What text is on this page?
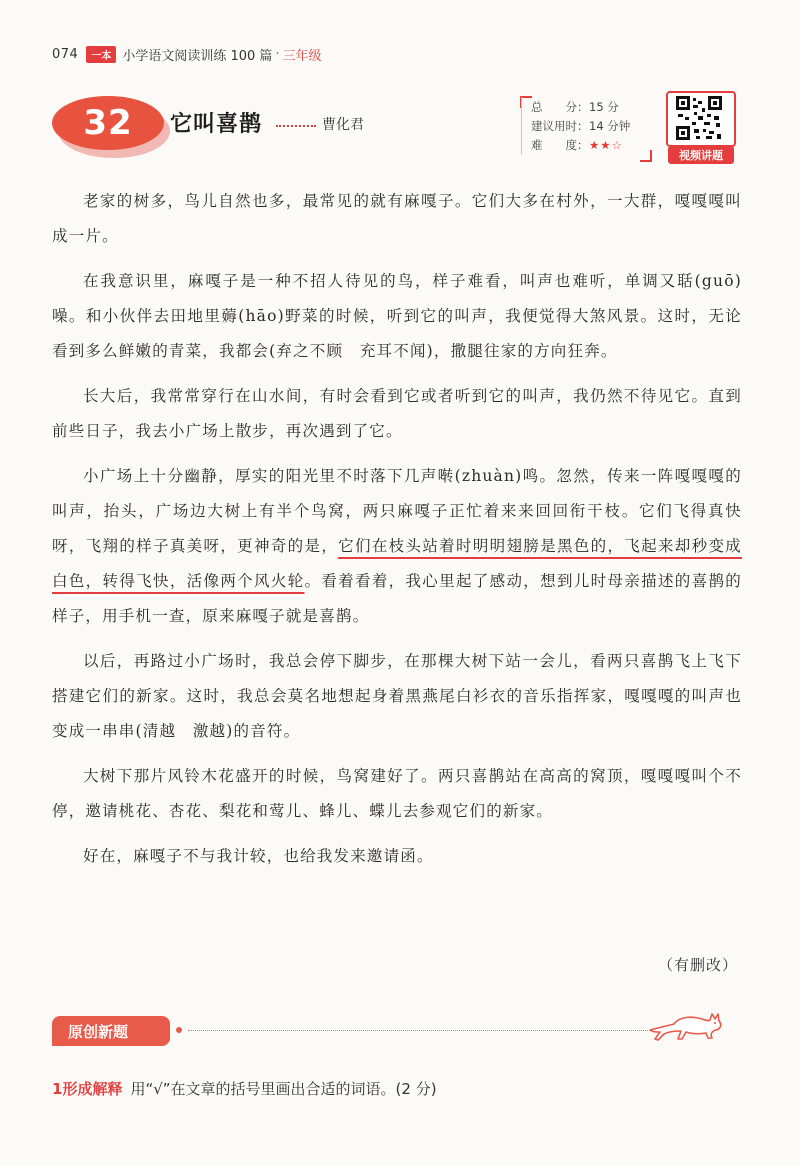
074	一本 小学语文阅读训练 100 篇 · 三年级
32 它叫喜鹊	曹化君
总　　分：15 分
建议用时：14 分钟
难　　度：★★☆
视频讲题

老家的树多，鸟儿自然也多，最常见的就有麻嘎子。它们大多在村外，一大群，嘎嘎嘎叫成一片。

在我意识里，麻嘎子是一种不招人待见的鸟，样子难看，叫声也难听，单调又聒(guō)噪。和小伙伴去田地里薅(hāo)野菜的时候，听到它的叫声，我便觉得大煞风景。这时，无论看到多么鲜嫩的青菜，我都会(弃之不顾　充耳不闻)，撒腿往家的方向狂奔。

长大后，我常常穿行在山水间，有时会看到它或者听到它的叫声，我仍然不待见它。直到前些日子，我去小广场上散步，再次遇到了它。

小广场上十分幽静，厚实的阳光里不时落下几声啭(zhuàn)鸣。忽然，传来一阵嘎嘎嘎的叫声，抬头，广场边大树上有半个鸟窝，两只麻嘎子正忙着来来回回衔干枝。它们飞得真快呀，飞翔的样子真美呀，更神奇的是，它们在枝头站着时明明翅膀是黑色的，飞起来却秒变成白色，转得飞快，活像两个风火轮。看着看着，我心里起了感动，想到儿时母亲描述的喜鹊的样子，用手机一查，原来麻嘎子就是喜鹊。

以后，再路过小广场时，我总会停下脚步，在那棵大树下站一会儿，看两只喜鹊飞上飞下搭建它们的新家。这时，我总会莫名地想起身着黑燕尾白衫衣的音乐指挥家，嘎嘎嘎的叫声也变成一串串(清越　激越)的音符。

大树下那片风铃木花盛开的时候，鸟窝建好了。两只喜鹊站在高高的窝顶，嘎嘎嘎叫个不停，邀请桃花、杏花、梨花和莺儿、蜂儿、蝶儿去参观它们的新家。

好在，麻嘎子不与我计较，也给我发来邀请函。

（有删改）
原创新题
1形成解释 用“√”在文章的括号里画出合适的词语。(2 分)
